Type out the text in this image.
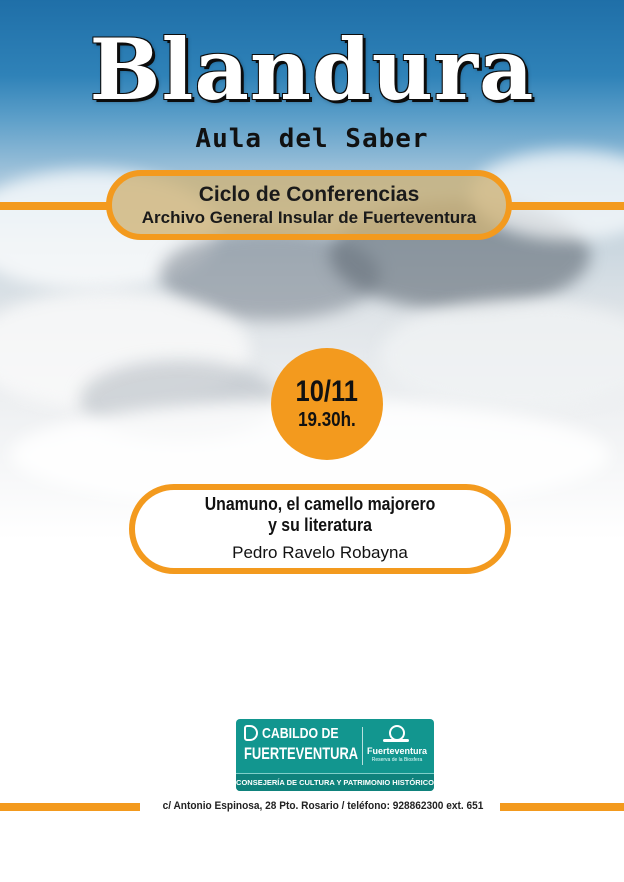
Blandura
Aula del Saber
Ciclo de Conferencias
Archivo General Insular de Fuerteventura
10/11
19.30h.
Unamuno, el camello majorero
y su literatura
Pedro Ravelo Robayna
CABILDO DE
FUERTEVENTURA Fuerteventura
Reserva de la Biosfera
CONSEJERÍA DE CULTURA Y PATRIMONIO HISTÓRICO
c/ Antonio Espinosa, 28 Pto. Rosario / teléfono: 928862300 ext. 651
